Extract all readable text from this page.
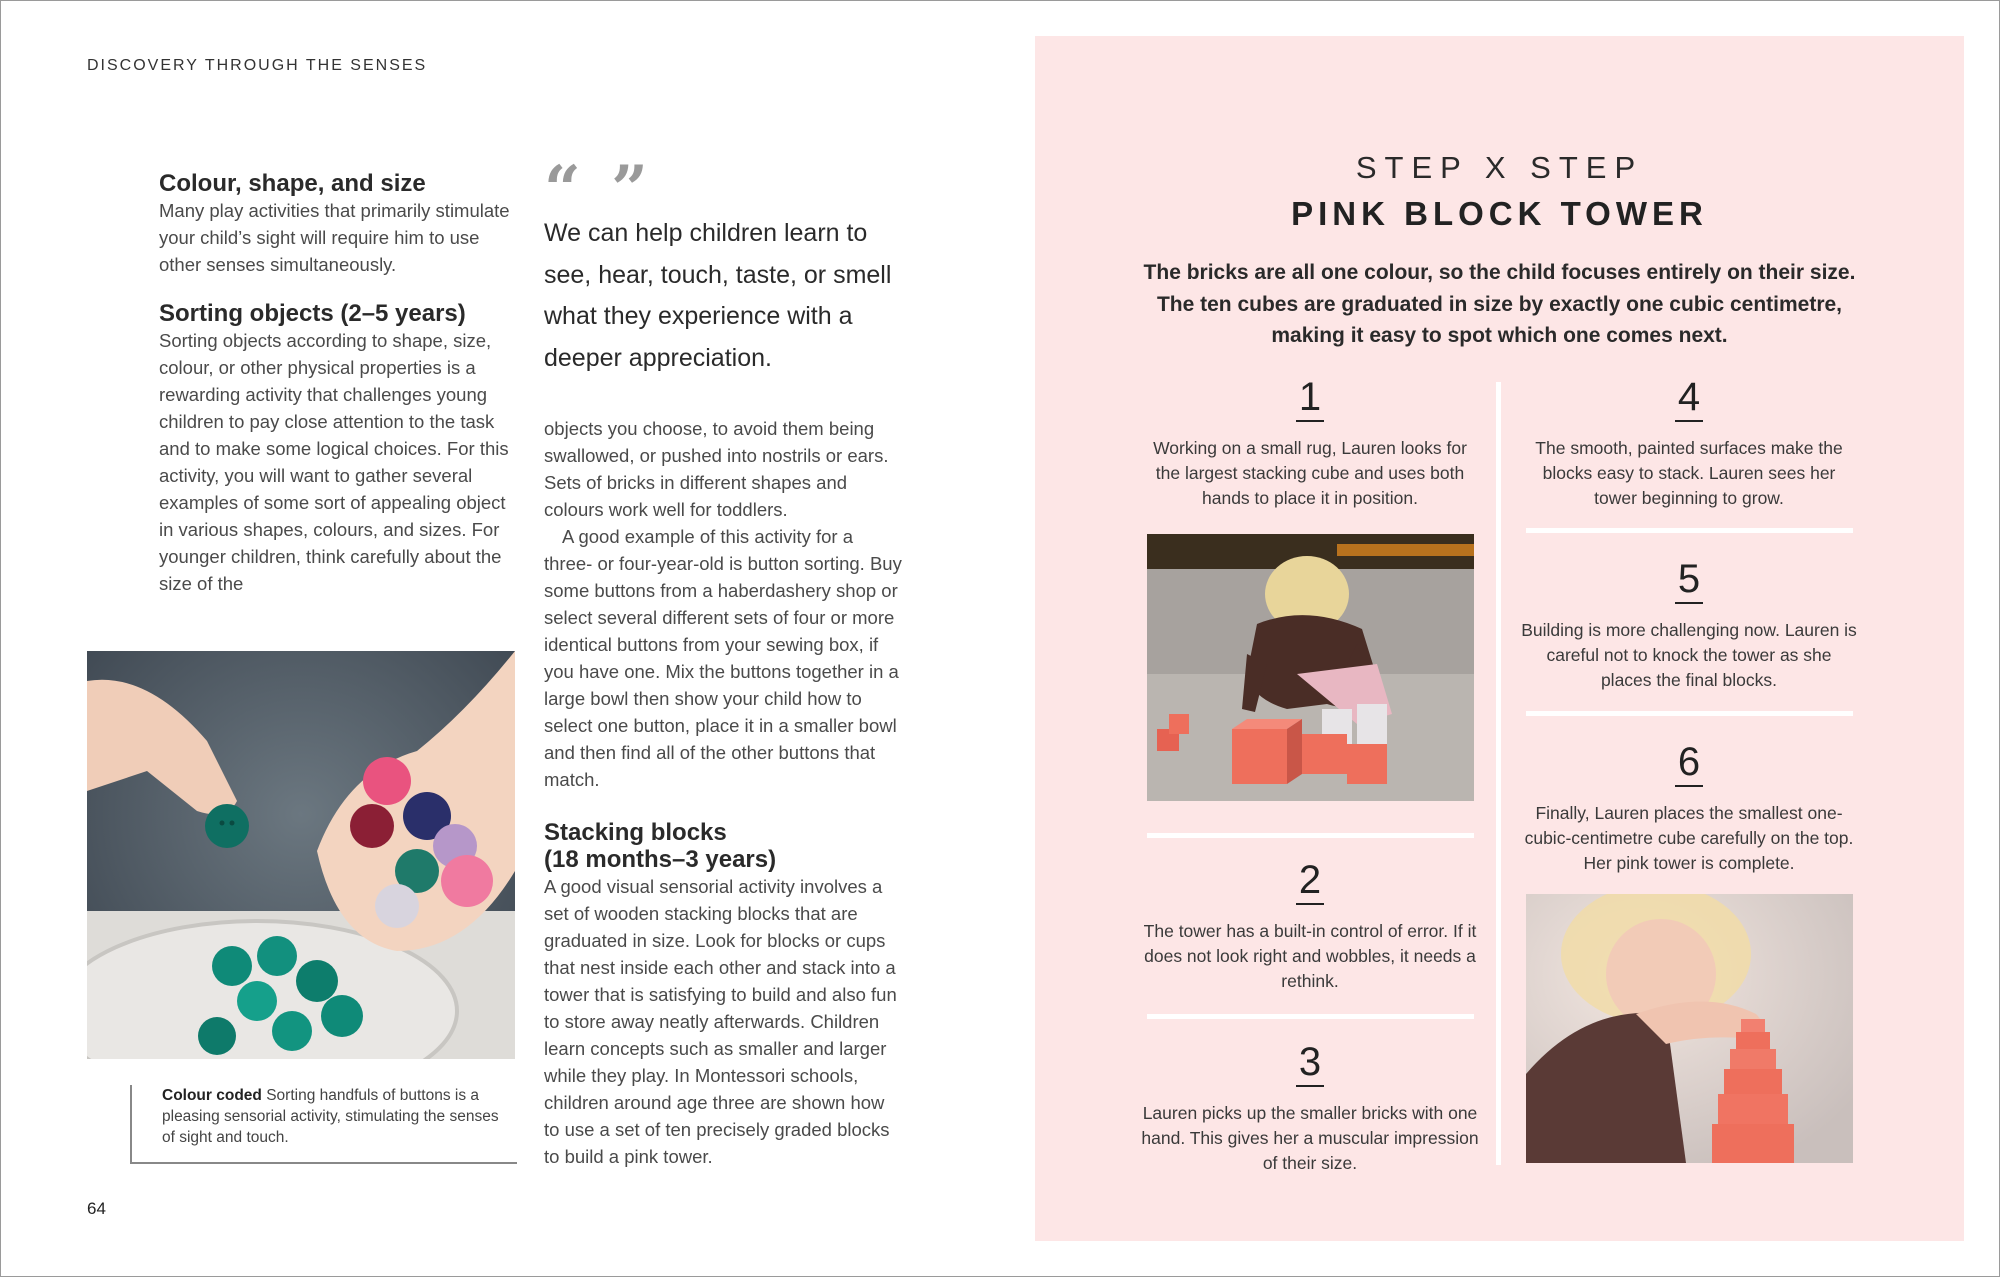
DISCOVERY THROUGH THE SENSES
Colour, shape, and size

Many play activities that primarily stimulate your child’s sight will require him to use other senses simultaneously.

Sorting objects (2–5 years)

Sorting objects according to shape, size, colour, or other physical properties is a rewarding activity that challenges young children to pay close attention to the task and to make some logical choices. For this activity, you will want to gather several examples of some sort of appealing object in various shapes, colours, and sizes. For younger children, think carefully about the size of the

“ ”
We can help children learn to see, hear, touch, taste, or smell what they experience with a deeper appreciation.

objects you choose, to avoid them being swallowed, or pushed into nostrils or ears. Sets of bricks in different shapes and colours work well for toddlers.

A good example of this activity for a three- or four-year-old is button sorting. Buy some buttons from a haberdashery shop or select several different sets of four or more identical buttons from your sewing box, if you have one. Mix the buttons together in a large bowl then show your child how to select one button, place it in a smaller bowl and then find all of the other buttons that match.

Stacking blocks
(18 months–3 years)

A good visual sensorial activity involves a set of wooden stacking blocks that are graduated in size. Look for blocks or cups that nest inside each other and stack into a tower that is satisfying to build and also fun to store away neatly afterwards. Children learn concepts such as smaller and larger while they play. In Montessori schools, children around age three are shown how to use a set of ten precisely graded blocks to build a pink tower.

Colour coded Sorting handfuls of buttons is a pleasing sensorial activity, stimulating the senses of sight and touch.
64
STEP X STEP
PINK BLOCK TOWER
The bricks are all one colour, so the child focuses entirely on their size. The ten cubes are graduated in size by exactly one cubic centimetre, making it easy to spot which one comes next.
1
Working on a small rug, Lauren looks for the largest stacking cube and uses both hands to place it in position.
2
The tower has a built-in control of error. If it does not look right and wobbles, it needs a rethink.
3
Lauren picks up the smaller bricks with one hand. This gives her a muscular impression of their size.
4
The smooth, painted surfaces make the blocks easy to stack. Lauren sees her tower beginning to grow.
5
Building is more challenging now. Lauren is careful not to knock the tower as she places the final blocks.
6
Finally, Lauren places the smallest one-cubic-centimetre cube carefully on the top. Her pink tower is complete.
